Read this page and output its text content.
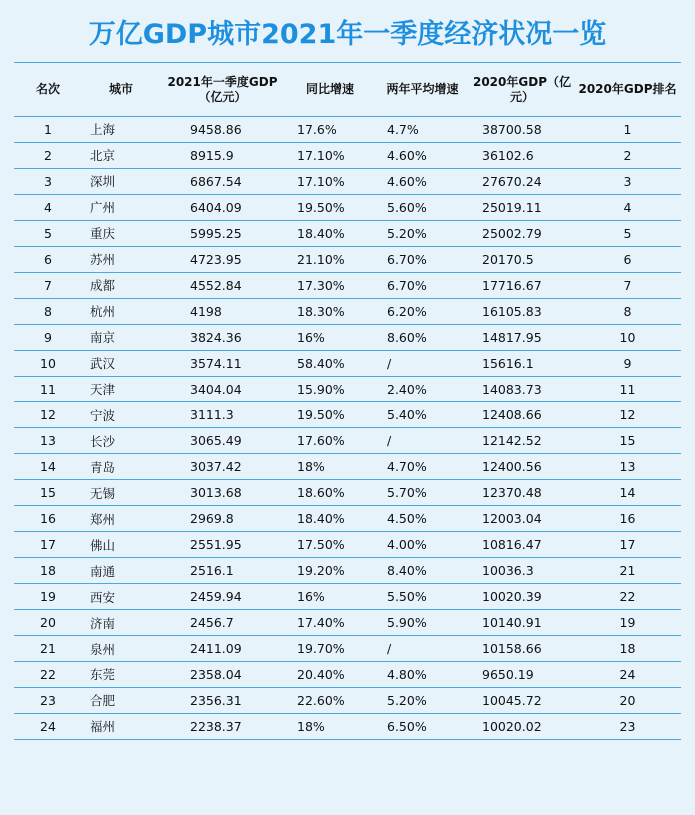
万亿GDP城市2021年一季度经济状况一览
名次	城市	2021年一季度GDP（亿元）	同比增速	两年平均增速	2020年GDP（亿元）	2020年GDP排名
1	上海	9458.86	17.6%	4.7%	38700.58	1
2	北京	8915.9	17.10%	4.60%	36102.6	2
3	深圳	6867.54	17.10%	4.60%	27670.24	3
4	广州	6404.09	19.50%	5.60%	25019.11	4
5	重庆	5995.25	18.40%	5.20%	25002.79	5
6	苏州	4723.95	21.10%	6.70%	20170.5	6
7	成都	4552.84	17.30%	6.70%	17716.67	7
8	杭州	4198	18.30%	6.20%	16105.83	8
9	南京	3824.36	16%	8.60%	14817.95	10
10	武汉	3574.11	58.40%	/	15616.1	9
11	天津	3404.04	15.90%	2.40%	14083.73	11
12	宁波	3111.3	19.50%	5.40%	12408.66	12
13	长沙	3065.49	17.60%	/	12142.52	15
14	青岛	3037.42	18%	4.70%	12400.56	13
15	无锡	3013.68	18.60%	5.70%	12370.48	14
16	郑州	2969.8	18.40%	4.50%	12003.04	16
17	佛山	2551.95	17.50%	4.00%	10816.47	17
18	南通	2516.1	19.20%	8.40%	10036.3	21
19	西安	2459.94	16%	5.50%	10020.39	22
20	济南	2456.7	17.40%	5.90%	10140.91	19
21	泉州	2411.09	19.70%	/	10158.66	18
22	东莞	2358.04	20.40%	4.80%	9650.19	24
23	合肥	2356.31	22.60%	5.20%	10045.72	20
24	福州	2238.37	18%	6.50%	10020.02	23
